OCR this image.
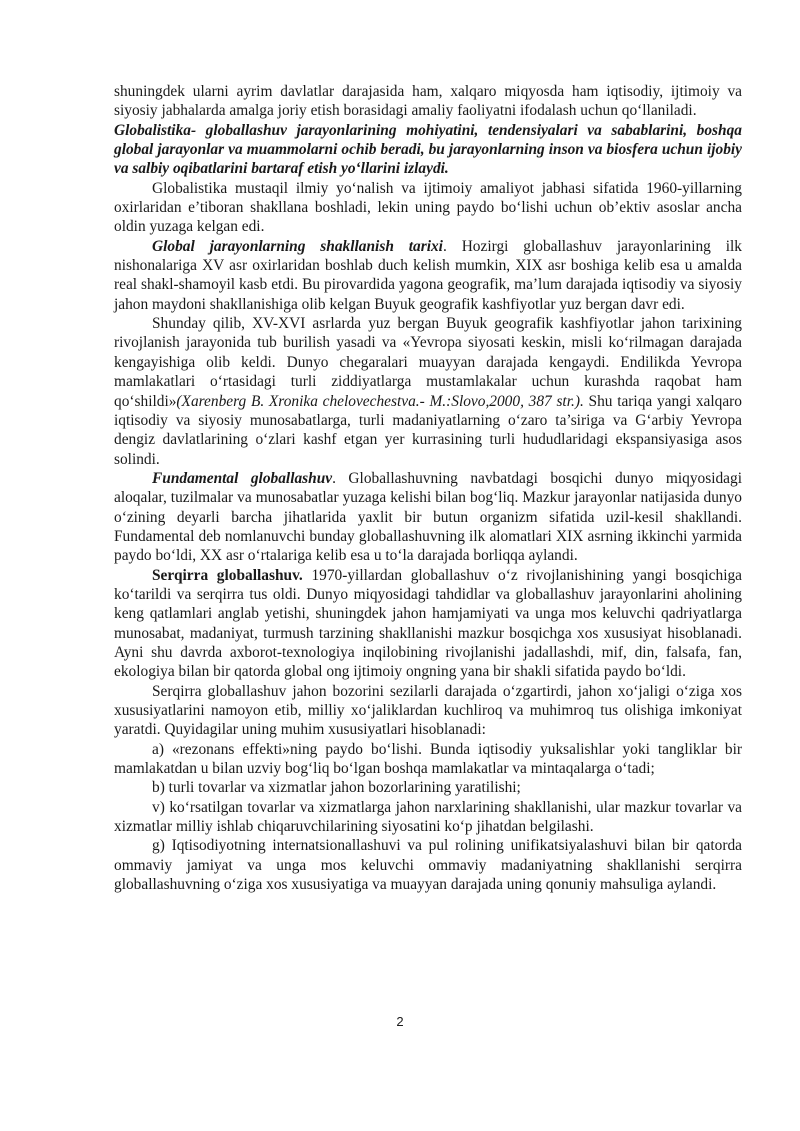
shuningdek ularni ayrim davlatlar darajasida ham, xalqaro miqyosda ham iqtisodiy, ijtimoiy va siyosiy jabhalarda amalga joriy etish borasidagi amaliy faoliyatni ifodalash uchun qo‘llaniladi.

Globalistika- globallashuv jarayonlarining mohiyatini, tendensiyalari va sabablarini, boshqa global jarayonlar va muammolarni ochib beradi, bu jarayonlarning inson va biosfera uchun ijobiy va salbiy oqibatlarini bartaraf etish yo‘llarini izlaydi.

Globalistika mustaqil ilmiy yo‘nalish va ijtimoiy amaliyot jabhasi sifatida 1960-yillarning oxirlaridan e’tiboran shakllana boshladi, lekin uning paydo bo‘lishi uchun ob’ektiv asoslar ancha oldin yuzaga kelgan edi.

Global jarayonlarning shakllanish tarixi. Hozirgi globallashuv jarayonlarining ilk nishonalariga XV asr oxirlaridan boshlab duch kelish mumkin, XIX asr boshiga kelib esa u amalda real shakl-shamoyil kasb etdi. Bu pirovardida yagona geografik, ma’lum darajada iqtisodiy va siyosiy jahon maydoni shakllanishiga olib kelgan Buyuk geografik kashfiyotlar yuz bergan davr edi.

Shunday qilib, XV-XVI asrlarda yuz bergan Buyuk geografik kashfiyotlar jahon tarixining rivojlanish jarayonida tub burilish yasadi va «Yevropa siyosati keskin, misli ko‘rilmagan darajada kengayishiga olib keldi. Dunyo chegaralari muayyan darajada kengaydi. Endilikda Yevropa mamlakatlari o‘rtasidagi turli ziddiyatlarga mustamlakalar uchun kurashda raqobat ham qo‘shildi»(Xarenberg B. Xronika chelovechestva.- M.:Slovo,2000, 387 str.). Shu tariqa yangi xalqaro iqtisodiy va siyosiy munosabatlarga, turli madaniyatlarning o‘zaro ta’siriga va G‘arbiy Yevropa dengiz davlatlarining o‘zlari kashf etgan yer kurrasining turli hududlaridagi ekspansiyasiga asos solindi.

Fundamental globallashuv. Globallashuvning navbatdagi bosqichi dunyo miqyosidagi aloqalar, tuzilmalar va munosabatlar yuzaga kelishi bilan bog‘liq. Mazkur jarayonlar natijasida dunyo o‘zining deyarli barcha jihatlarida yaxlit bir butun organizm sifatida uzil-kesil shakllandi. Fundamental deb nomlanuvchi bunday globallashuvning ilk alomatlari XIX asrning ikkinchi yarmida paydo bo‘ldi, XX asr o‘rtalariga kelib esa u to‘la darajada borliqqa aylandi.

Serqirra globallashuv. 1970-yillardan globallashuv o‘z rivojlanishining yangi bosqichiga ko‘tarildi va serqirra tus oldi. Dunyo miqyosidagi tahdidlar va globallashuv jarayonlarini aholining keng qatlamlari anglab yetishi, shuningdek jahon hamjamiyati va unga mos keluvchi qadriyatlarga munosabat, madaniyat, turmush tarzining shakllanishi mazkur bosqichga xos xususiyat hisoblanadi. Ayni shu davrda axborot-texnologiya inqilobining rivojlanishi jadallashdi, mif, din, falsafa, fan, ekologiya bilan bir qatorda global ong ijtimoiy ongning yana bir shakli sifatida paydo bo‘ldi.

Serqirra globallashuv jahon bozorini sezilarli darajada o‘zgartirdi, jahon xo‘jaligi o‘ziga xos xususiyatlarini namoyon etib, milliy xo‘jaliklardan kuchliroq va muhimroq tus olishiga imkoniyat yaratdi. Quyidagilar uning muhim xususiyatlari hisoblanadi:

a) «rezonans effekti»ning paydo bo‘lishi. Bunda iqtisodiy yuksalishlar yoki tangliklar bir mamlakatdan u bilan uzviy bog‘liq bo‘lgan boshqa mamlakatlar va mintaqalarga o‘tadi;

b) turli tovarlar va xizmatlar jahon bozorlarining yaratilishi;

v) ko‘rsatilgan tovarlar va xizmatlarga jahon narxlarining shakllanishi, ular mazkur tovarlar va xizmatlar milliy ishlab chiqaruvchilarining siyosatini ko‘p jihatdan belgilashi.

g) Iqtisodiyotning internatsionallashuvi va pul rolining unifikatsiyalashuvi bilan bir qatorda ommaviy jamiyat va unga mos keluvchi ommaviy madaniyatning shakllanishi serqirra globallashuvning o‘ziga xos xususiyatiga va muayyan darajada uning qonuniy mahsuliga aylandi.

2
